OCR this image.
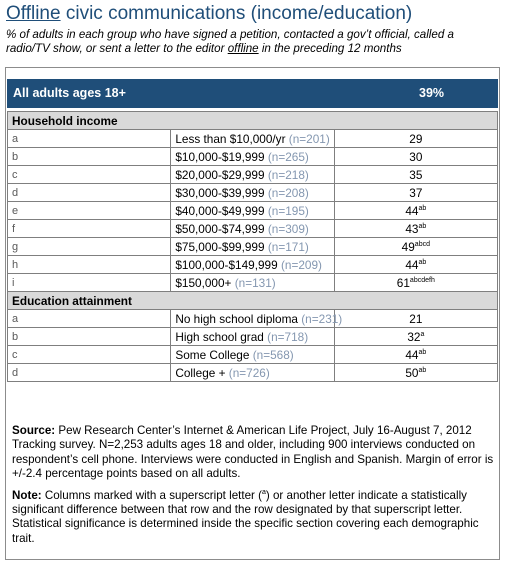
Offline civic communications (income/education)
% of adults in each group who have signed a petition, contacted a gov’t official, called a radio/TV show, or sent a letter to the editor offline in the preceding 12 months
All adults ages 18+	39%
Household income		
a	Less than $10,000/yr (n=201)	29
b	$10,000-$19,999 (n=265)	30
c	$20,000-$29,999 (n=218)	35
d	$30,000-$39,999 (n=208)	37
e	$40,000-$49,999 (n=195)	$44^{ab}$
f	$50,000-$74,999 (n=309)	$43^{ab}$
g	$75,000-$99,999 (n=171)	$49^{abcd}$
h	$100,000-$149,999 (n=209)	$44^{ab}$
i	$150,000+ (n=131)	$61^{abcdefh}$
Education attainment		
a	No high school diploma (n=231)	21
b	High school grad (n=718)	32$^a$
c	Some College (n=568)	$44^{ab}$
d	College + (n=726)	$50^{ab}$

Source: Pew Research Center’s Internet & American Life Project, July 16-August 7, 2012 Tracking survey. N=2,253 adults ages 18 and older, including 900 interviews conducted on respondent’s cell phone. Interviews were conducted in English and Spanish. Margin of error is +/-2.4 percentage points based on all adults.

Note: Columns marked with a superscript letter ($^a$) or another letter indicate a statistically significant difference between that row and the row designated by that superscript letter. Statistical significance is determined inside the specific section covering each demographic trait.
